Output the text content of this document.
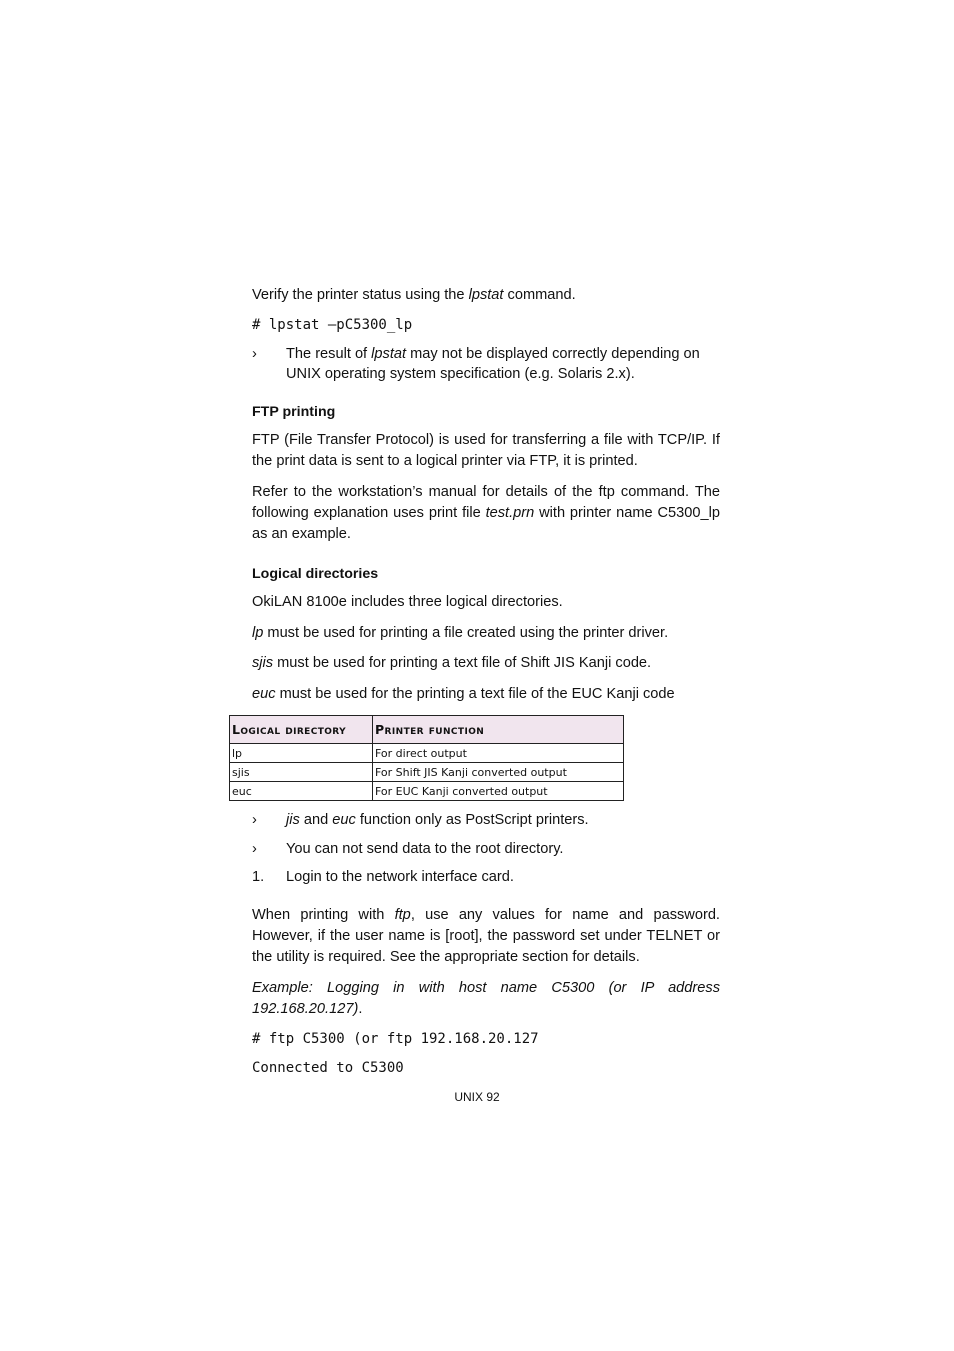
Verify the printer status using the lpstat command.

# lpstat –pC5300_lp
›	The result of lpstat may not be displayed correctly depending on UNIX operating system specification (e.g. Solaris 2.x).

FTP printing

FTP (File Transfer Protocol) is used for transferring a file with TCP/IP. If the print data is sent to a logical printer via FTP, it is printed.

Refer to the workstation’s manual for details of the ftp command. The following explanation uses print file test.prn with printer name C5300_lp as an example.

Logical directories

OkiLAN 8100e includes three logical directories.

lp must be used for printing a file created using the printer driver.

sjis must be used for printing a text file of Shift JIS Kanji code.

euc must be used for the printing a text file of the EUC Kanji code

Logical directory	Printer function
lp	For direct output
sjis	For Shift JIS Kanji converted output
euc	For EUC Kanji converted output
›	jis and euc function only as PostScript printers.
›	You can not send data to the root directory.
1.	Login to the network interface card.

When printing with ftp, use any values for name and password. However, if the user name is [root], the password set under TELNET or the utility is required. See the appropriate section for details.

Example: Logging in with host name C5300 (or IP address 192.168.20.127).

# ftp C5300 (or ftp 192.168.20.127
Connected to C5300
UNIX 92
